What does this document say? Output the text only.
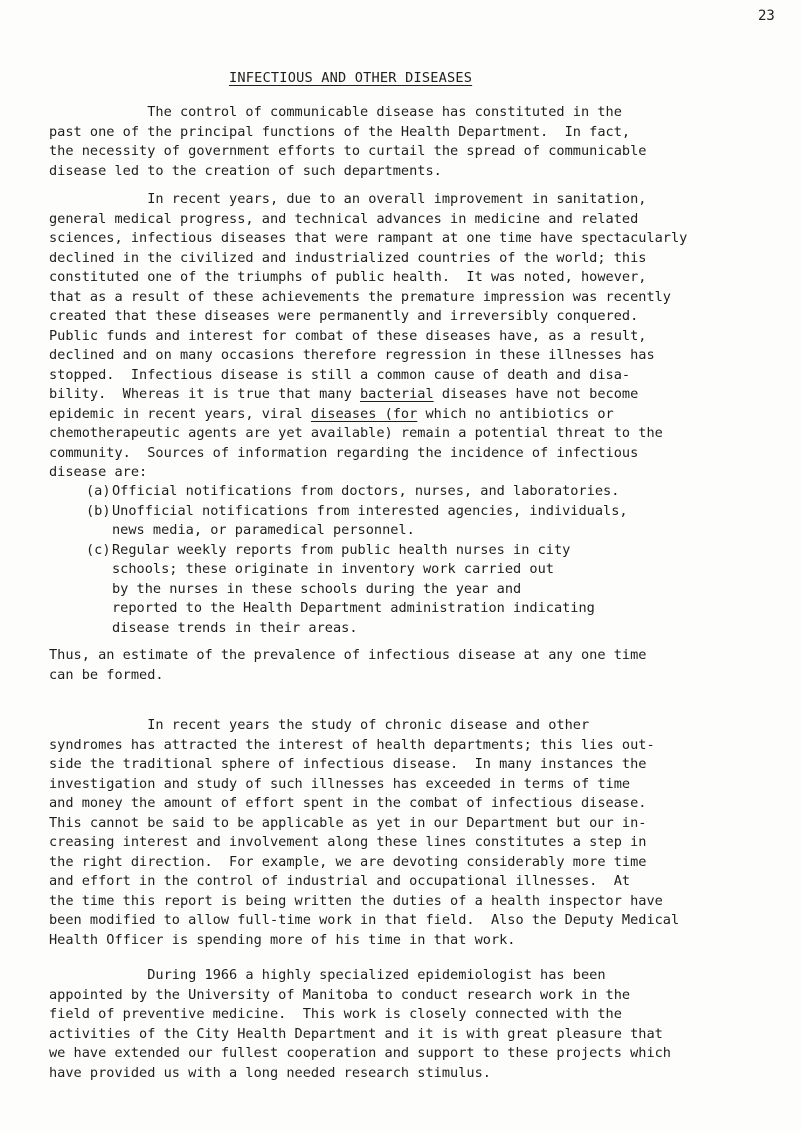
23
INFECTIOUS AND OTHER DISEASES

The control of communicable disease has constituted in the
past one of the principal functions of the Health Department.  In fact,
the necessity of government efforts to curtail the spread of communicable
disease led to the creation of such departments.

In recent years, due to an overall improvement in sanitation,
general medical progress, and technical advances in medicine and related
sciences, infectious diseases that were rampant at one time have spectacularly
declined in the civilized and industrialized countries of the world; this
constituted one of the triumphs of public health.  It was noted, however,
that as a result of these achievements the premature impression was recently
created that these diseases were permanently and irreversibly conquered.
Public funds and interest for combat of these diseases have, as a result,
declined and on many occasions therefore regression in these illnesses has
stopped.  Infectious disease is still a common cause of death and disa-
bility.  Whereas it is true that many bacterial diseases have not become
epidemic in recent years, viral diseases (for which no antibiotics or
chemotherapeutic agents are yet available) remain a potential threat to the
community.  Sources of information regarding the incidence of infectious
disease are:

(a) Official notifications from doctors, nurses, and laboratories.
(b) Unofficial notifications from interested agencies, individuals,
news media, or paramedical personnel.
(c) Regular weekly reports from public health nurses in city
schools; these originate in inventory work carried out
by the nurses in these schools during the year and
reported to the Health Department administration indicating
disease trends in their areas.

Thus, an estimate of the prevalence of infectious disease at any one time
can be formed.

In recent years the study of chronic disease and other
syndromes has attracted the interest of health departments; this lies out-
side the traditional sphere of infectious disease.  In many instances the
investigation and study of such illnesses has exceeded in terms of time
and money the amount of effort spent in the combat of infectious disease.
This cannot be said to be applicable as yet in our Department but our in-
creasing interest and involvement along these lines constitutes a step in
the right direction.  For example, we are devoting considerably more time
and effort in the control of industrial and occupational illnesses.  At
the time this report is being written the duties of a health inspector have
been modified to allow full-time work in that field.  Also the Deputy Medical
Health Officer is spending more of his time in that work.

During 1966 a highly specialized epidemiologist has been
appointed by the University of Manitoba to conduct research work in the
field of preventive medicine.  This work is closely connected with the
activities of the City Health Department and it is with great pleasure that
we have extended our fullest cooperation and support to these projects which
have provided us with a long needed research stimulus.
